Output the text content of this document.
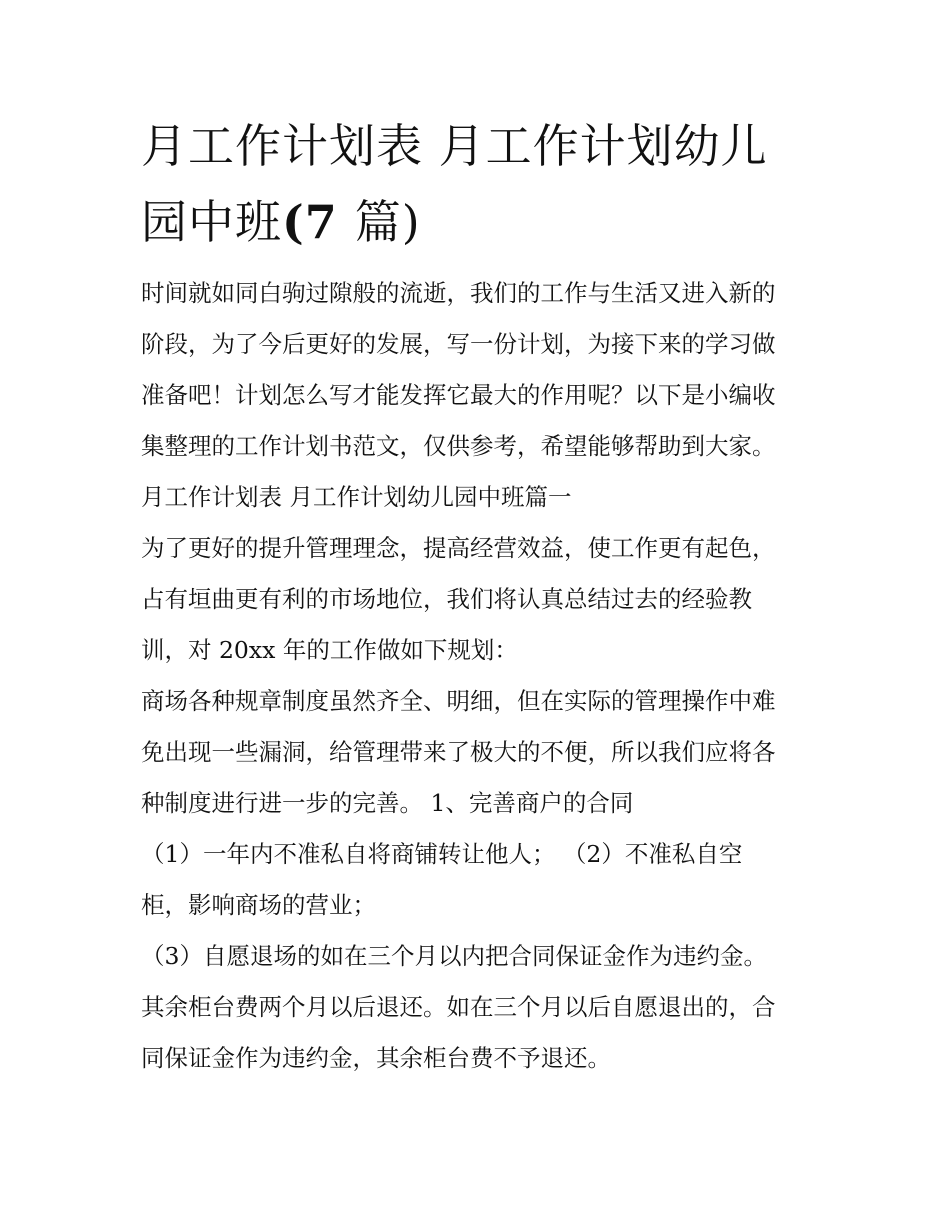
月工作计划表 月工作计划幼儿
园中班(7 篇)
时间就如同白驹过隙般的流逝，我们的工作与生活又进入新的
阶段，为了今后更好的发展，写一份计划，为接下来的学习做
准备吧！计划怎么写才能发挥它最大的作用呢？以下是小编收
集整理的工作计划书范文，仅供参考，希望能够帮助到大家。
月工作计划表 月工作计划幼儿园中班篇一
为了更好的提升管理理念，提高经营效益，使工作更有起色，
占有垣曲更有利的市场地位，我们将认真总结过去的经验教
训，对 20xx 年的工作做如下规划：
商场各种规章制度虽然齐全、明细，但在实际的管理操作中难
免出现一些漏洞，给管理带来了极大的不便，所以我们应将各
种制度进行进一步的完善。 1、完善商户的合同
（1）一年内不准私自将商铺转让他人； （2）不准私自空
柜，影响商场的营业；
（3）自愿退场的如在三个月以内把合同保证金作为违约金。
其余柜台费两个月以后退还。如在三个月以后自愿退出的，合
同保证金作为违约金，其余柜台费不予退还。
